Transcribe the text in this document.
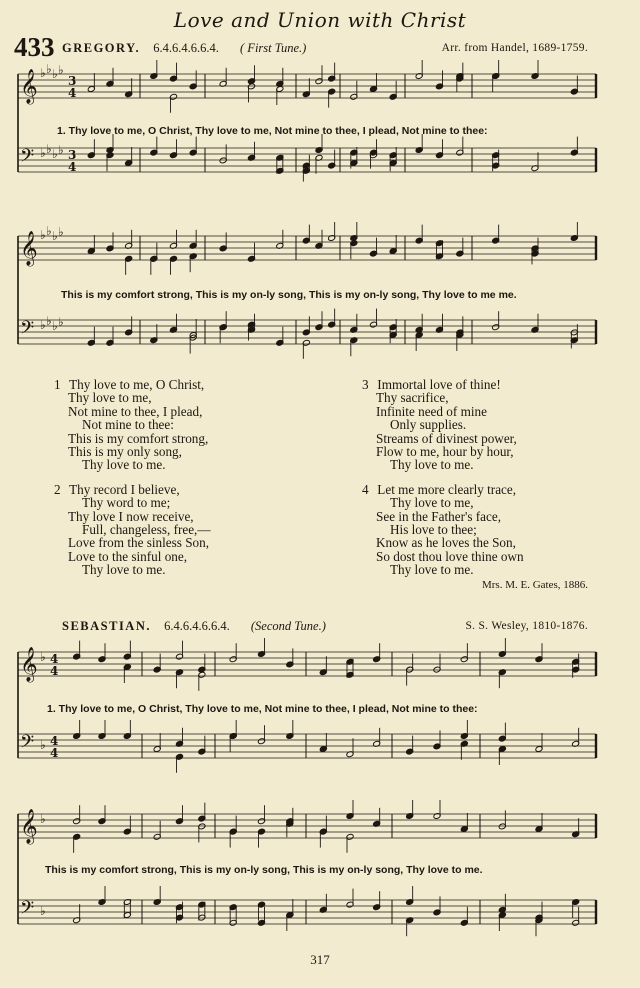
Love and Union with Christ
433 GREGORY. 6.4.6.4.6.6.4. ( First Tune.)	Arr. from Handel, 1689-1759.
𝄞 ♭ ♭ ♭ ♭
𝄢 ♭ ♭ ♭ ♭
3
4
3
4
𝄞 ♭ ♭ ♭ ♭
𝄢 ♭ ♭ ♭ ♭
1. Thy love to me, O Christ, Thy love to me, Not mine to thee, I plead, Not mine to thee:
This is my comfort strong, This is my on-ly song, This is my on-ly song, Thy love to me me.
1 Thy love to me, O Christ,
Thy love to me,
Not mine to thee, I plead,
Not mine to thee:
This is my comfort strong,
This is my only song,
Thy love to me.
2 Thy record I believe,
Thy word to me;
Thy love I now receive,
Full, changeless, free,—
Love from the sinless Son,
Love to the sinful one,
Thy love to me.
3 Immortal love of thine!
Thy sacrifice,
Infinite need of mine
Only supplies.
Streams of divinest power,
Flow to me, hour by hour,
Thy love to me.
4 Let me more clearly trace,
Thy love to me,
See in the Father's face,
His love to thee;
Know as he loves the Son,
So dost thou love thine own
Thy love to me.
Mrs. M. E. Gates, 1886.
SEBASTIAN. 6.4.6.4.6.6.4. (Second Tune.)	S. S. Wesley, 1810-1876.
𝄞 ♭
𝄢 ♭
4
4
4
4
𝄞 ♭
𝄢 ♭
1. Thy love to me, O Christ, Thy love to me, Not mine to thee, I plead, Not mine to thee:
This is my comfort strong, This is my on-ly song, This is my on-ly song, Thy love to me.
317
